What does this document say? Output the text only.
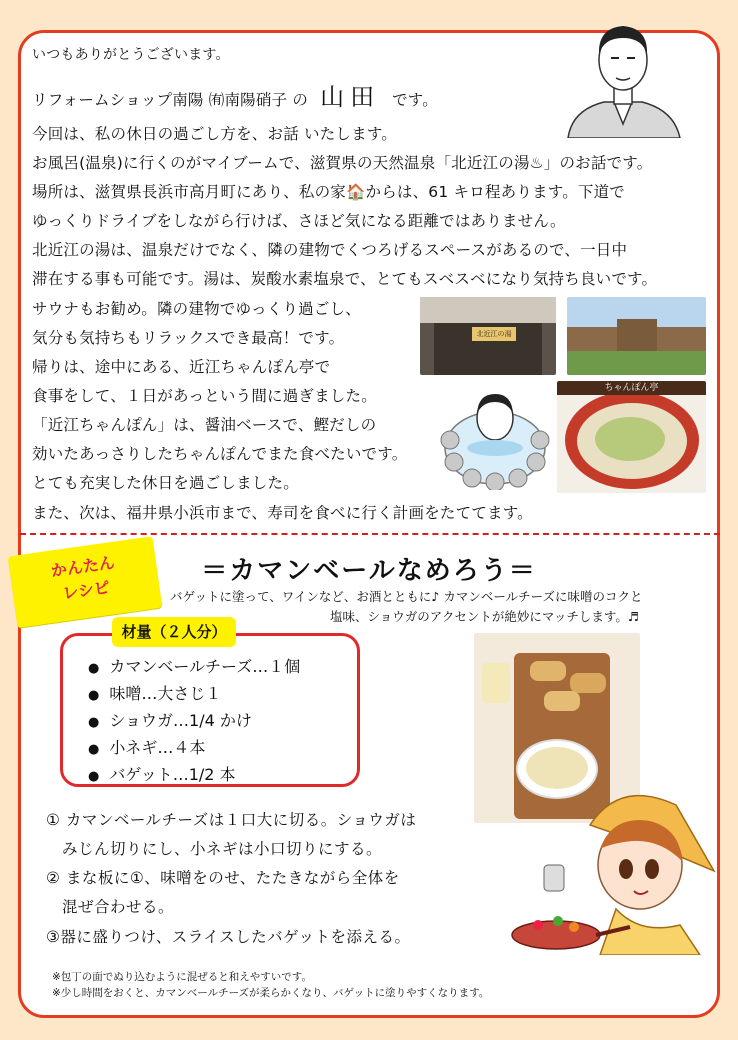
いつもありがとうございます。
リフォームショップ南陽 ㈲南陽硝子 の 山田 です。
今回は、私の休日の過ごし方を、お話 いたします。
お風呂(温泉)に行くのがマイブームで、滋賀県の天然温泉「北近江の湯♨」のお話です。
場所は、滋賀県長浜市高月町にあり、私の家🏠からは、61 キロ程あります。下道で
ゆっくりドライブをしながら行けば、さほど気になる距離ではありません。
北近江の湯は、温泉だけでなく、隣の建物でくつろげるスペースがあるので、一日中
滞在する事も可能です。湯は、炭酸水素塩泉で、とてもスベスベになり気持ち良いです。
サウナもお勧め。隣の建物でゆっくり過ごし、
気分も気持ちもリラックスでき最高！です。
帰りは、途中にある、近江ちゃんぽん亭で
食事をして、１日があっという間に過ぎました。
「近江ちゃんぽん」は、醤油ベースで、鰹だしの
効いたあっさりしたちゃんぽんでまた食べたいです。
とても充実した休日を過ごしました。
また、次は、福井県小浜市まで、寿司を食べに行く計画をたててます。
北近江の湯
ちゃんぽん亭
かんたん
レシピ
＝カマンベールなめろう＝
バゲットに塗って、ワインなど、お酒とともに♪ カマンベールチーズに味噌のコクと
塩味、ショウガのアクセントが絶妙にマッチします。♬
材量（２人分）
● カマンベールチーズ…１個
● 味噌…大さじ１
● ショウガ…1/4 かけ
● 小ネギ…４本
● バゲット…1/2 本
① カマンベールチーズは１口大に切る。ショウガは
　みじん切りにし、小ネギは小口切りにする。
② まな板に①、味噌をのせ、たたきながら全体を
　混ぜ合わせる。
③器に盛りつけ、スライスしたバゲットを添える。
※包丁の面でぬり込むように混ぜると和えやすいです。
※少し時間をおくと、カマンベールチーズが柔らかくなり、バゲットに塗りやすくなります。
